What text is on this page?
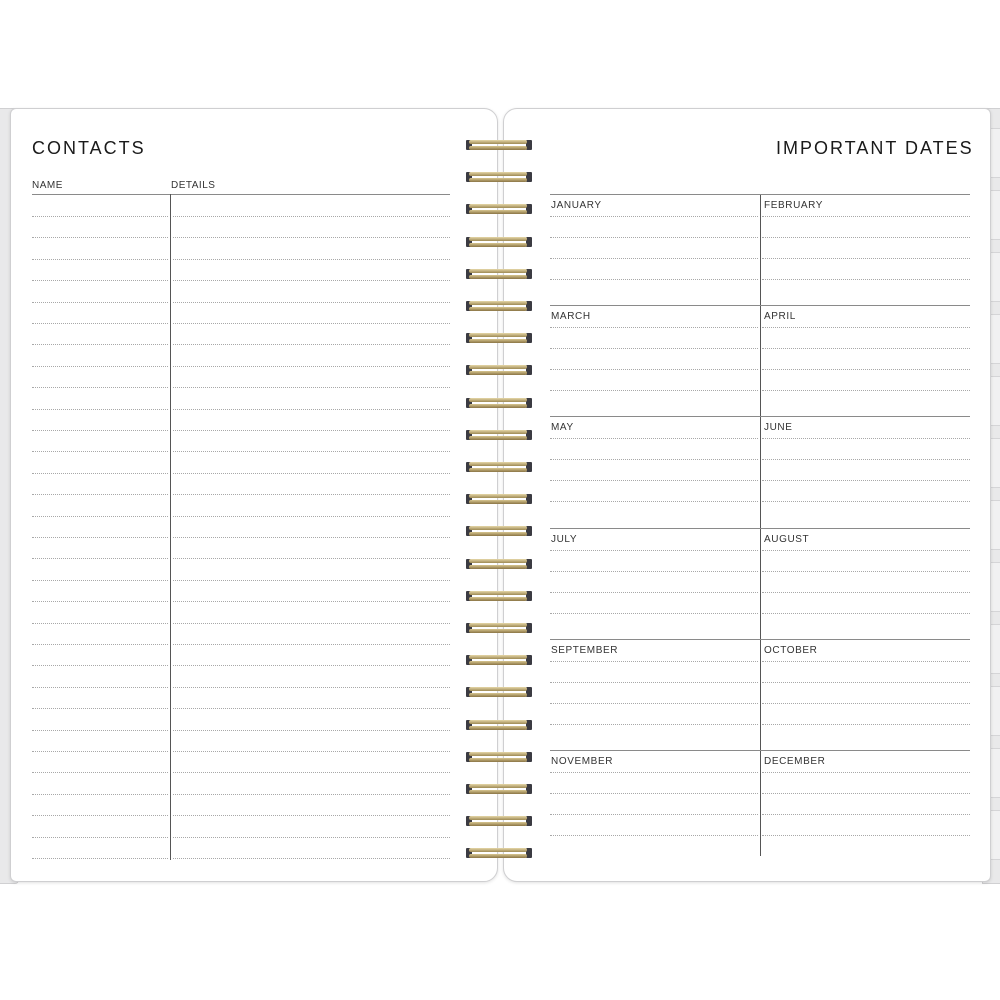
CONTACTS
NAME	DETAILS
IMPORTANT DATES
JANUARY	FEBRUARY
MARCH	APRIL
MAY	JUNE
JULY	AUGUST
SEPTEMBER	OCTOBER
NOVEMBER	DECEMBER
